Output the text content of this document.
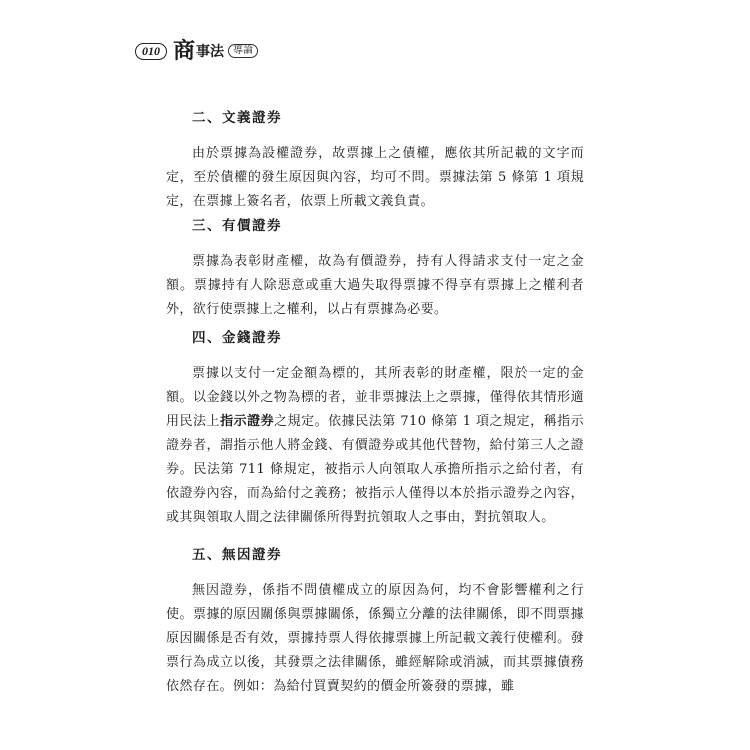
010 商 事法 導論
二、文義證券

由於票據為設權證券，故票據上之債權，應依其所記載的文字而定，至於債權的發生原因與內容，均可不問。票據法第 5 條第 1 項規定，在票據上簽名者，依票上所載文義負責。

三、有價證券

票據為表彰財產權，故為有價證券，持有人得請求支付一定之金額。票據持有人除惡意或重大過失取得票據不得享有票據上之權利者外，欲行使票據上之權利，以占有票據為必要。

四、金錢證券

票據以支付一定金額為標的，其所表彰的財產權，限於一定的金額。以金錢以外之物為標的者，並非票據法上之票據，僅得依其情形適用民法上指示證券之規定。依據民法第 710 條第 1 項之規定，稱指示證券者，謂指示他人將金錢、有價證券或其他代替物，給付第三人之證券。民法第 711 條規定，被指示人向領取人承擔所指示之給付者，有依證券內容，而為給付之義務；被指示人僅得以本於指示證券之內容，或其與領取人間之法律關係所得對抗領取人之事由，對抗領取人。

五、無因證券

無因證券，係指不問債權成立的原因為何，均不會影響權利之行使。票據的原因關係與票據關係，係獨立分離的法律關係，即不問票據原因關係是否有效，票據持票人得依據票據上所記載文義行使權利。發票行為成立以後，其發票之法律關係，雖經解除或消滅，而其票據債務依然存在。例如：為給付買賣契約的價金所簽發的票據，雖
